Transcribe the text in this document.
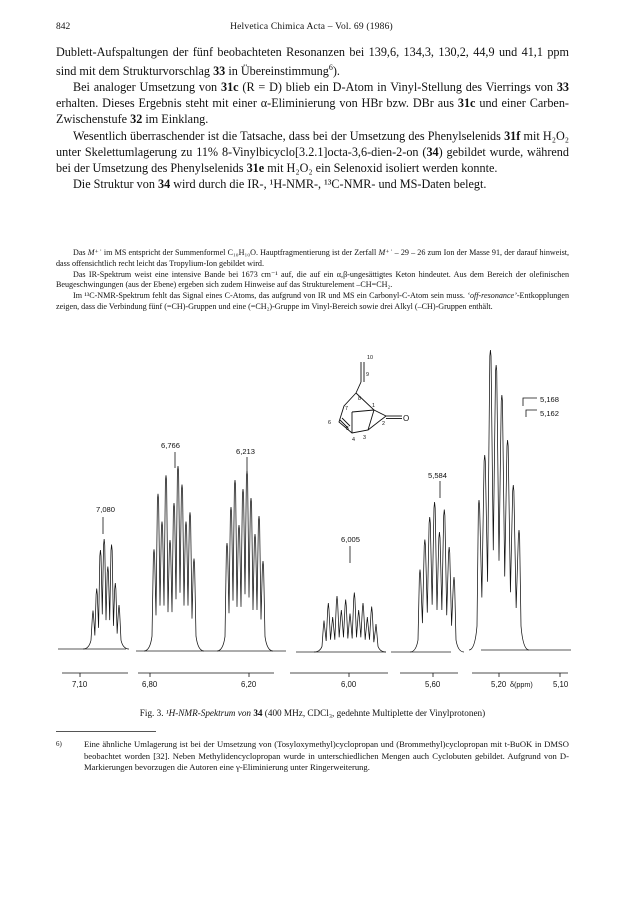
842	Helvetica Chimica Acta – Vol. 69 (1986)

Dublett-Aufspaltungen der fünf beobachteten Resonanzen bei 139,6, 134,3, 130,2, 44,9 und 41,1 ppm sind mit dem Strukturvorschlag 33 in Übereinstimmung$^6$).

Bei analoger Umsetzung von 31c (R = D) blieb ein D-Atom in Vinyl-Stellung des Vierrings von 33 erhalten. Dieses Ergebnis steht mit einer α-Eliminierung von HBr bzw. DBr aus 31c und einer Carben-Zwischenstufe 32 im Einklang.

Wesentlich überraschender ist die Tatsache, dass bei der Umsetzung des Phenylselenids 31f mit H₂O₂ unter Skelettumlagerung zu 11% 8-Vinylbicyclo[3.2.1]octa-3,6-dien-2-on (34) gebildet wurde, während bei der Umsetzung des Phenylselenids 31e mit H₂O₂ ein Selenoxid isoliert werden konnte.

Die Struktur von 34 wird durch die IR-, ¹H-NMR-, ¹³C-NMR- und MS-Daten belegt.

Das M⁺˙ im MS entspricht der Summenformel C₁₀H₁₀O. Hauptfragmentierung ist der Zerfall M⁺˙ – 29 – 26 zum Ion der Masse 91, der darauf hinweist, dass offensichtlich recht leicht das Tropylium-Ion gebildet wird.

Das IR-Spektrum weist eine intensive Bande bei 1673 cm⁻¹ auf, die auf ein α,β-ungesättigtes Keton hindeutet. Aus dem Bereich der olefinischen Beugeschwingungen (aus der Ebene) ergeben sich zudem Hinweise auf das Strukturelement –CH=CH₂.

Im ¹³C-NMR-Spektrum fehlt das Signal eines C-Atoms, das aufgrund von IR und MS ein Carbonyl-C-Atom sein muss. ‘off-resonance’-Entkopplungen zeigen, dass die Verbindung fünf (=CH)-Gruppen und eine (=CH₂)-Gruppe im Vinyl-Bereich sowie drei Alkyl (–CH)-Gruppen enthält.

7,080
6,766
6,213
6,005
5,584
5,168
5,162
7,10	6,80	6,20	6,00	5,60	5,20 δ(ppm)	5,10
10
9
8
1
2
7
6
5
4 3
O
Fig. 3. ¹H-NMR-Spektrum von 34 (400 MHz, CDCl₃, gedehnte Multiplette der Vinylprotonen)
6)	Eine ähnliche Umlagerung ist bei der Umsetzung von (Tosyloxymethyl)cyclopropan und (Brommethyl)cyclopropan mit t-BuOK in DMSO beobachtet worden [32]. Neben Methylidencyclopropan wurde in unterschiedlichen Mengen auch Cyclobuten gebildet. Aufgrund von D-Markierungen bevorzugen die Autoren eine γ-Eliminierung unter Ringerweiterung.
